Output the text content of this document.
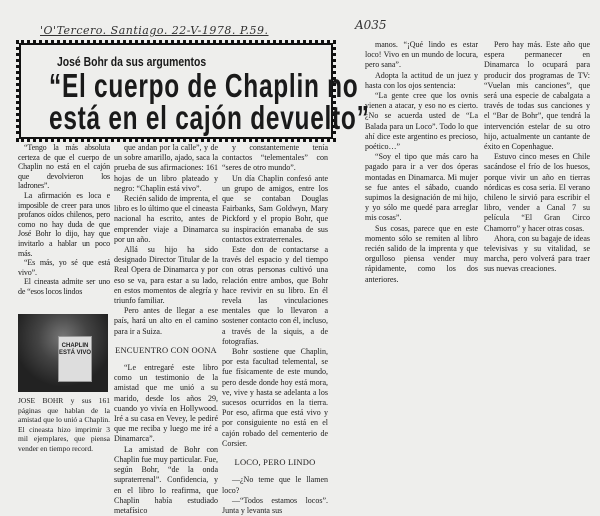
'O'Tercero. Santiago. 22-V-1978. P.59.	A035
José Bohr da sus argumentos
“El cuerpo de Chaplin no
está en el cajón devuelto”

“Tengo la más absoluta certeza de que el cuerpo de Chaplin no está en el cajón que devolvieron los ladrones”.

La afirmación es loca e imposible de creer para unos profanos oídos chilenos, pero como no hay duda de que José Bohr lo dijo, hay que invitarlo a hablar un poco más.

“Es más, yo sé que está vivo”.

El cineasta admite ser uno de “esos locos lindos

CHAPLIN ESTÁ VIVO
JOSE BOHR y sus 161 páginas que hablan de la amistad que lo unió a Chaplin. El cineasta hizo imprimir 3 mil ejemplares, que piensa vender en tiempo record.

que andan por la calle”, y de un sobre amarillo, ajado, saca la prueba de sus afirmaciones: 161 hojas de un libro plateado y negro: “Chaplin está vivo”.

Recién salido de imprenta, el libro es lo último que el cineasta nacional ha escrito, antes de emprender viaje a Dinamarca por un año.

Allá su hijo ha sido designado Director Titular de la Real Opera de Dinamarca y por eso se va, para estar a su lado, en estos momentos de alegría y triunfo familiar.

Pero antes de llegar a ese país, hará un alto en el camino para ir a Suiza.

ENCUENTRO CON OONA

“Le entregaré este libro como un testimonio de la amistad que me unió a su marido, desde los años 29, cuando yo vivía en Hollywood. Iré a su casa en Vevey, le pediré que me reciba y luego me iré a Dinamarca”.

La amistad de Bohr con Chaplin fue muy particular. Fue, según Bohr, “de la onda supraterrenal”. Confidencia, y en el libro lo reafirma, que Chaplin había estudiado metafísico

y constantemente tenía contactos “telementales” con “seres de otro mundo”.

Un día Chaplin confesó ante un grupo de amigos, entre los que se contaban Douglas Fairbanks, Sam Goldwyn, Mary Pickford y el propio Bohr, que su inspiración emanaba de sus contactos extraterrenales.

Este don de contactarse a través del espacio y del tiempo con otras personas cultivó una relación entre ambos, que Bohr hace revivir en su libro. En él revela las vinculaciones mentales que lo llevaron a sostener contacto con él, incluso, a través de la siquis, a de fotografías.

Bohr sostiene que Chaplin, por esta facultad telemental, se fue físicamente de este mundo, pero desde donde hoy está mora, ve, vive y hasta se adelanta a los sucesos ocurridos en la tierra. Por eso, afirma que está vivo y por consiguiente no está en el cajón robado del cementerio de Corsier.

LOCO, PERO LINDO

—¿No teme que le llamen loco?

—“Todos estamos locos”. Junta y levanta sus

manos. “¡Qué lindo es estar loco! Vivo en un mundo de locura, pero sana”.

Adopta la actitud de un juez y hasta con los ojos sentencia:

“La gente cree que los ovnis vienen a atacar, y eso no es cierto. ¿No se acuerda usted de “La Balada para un Loco”. Todo lo que ahí dice este argentino es precioso, poético…”

“Soy el tipo que más caro ha pagado para ir a ver dos óperas montadas en Dinamarca. Mi mujer se fue antes el sábado, cuando supimos la designación de mi hijo, y yo sólo me quedé para arreglar mis cosas”.

Sus cosas, parece que en este momento sólo se remiten al libro recién salido de la imprenta y que orgulloso piensa vender muy rápidamente, como los dos anteriores.

Pero hay más. Este año que espera permanecer en Dinamarca lo ocupará para producir dos programas de TV: “Vuelan mis canciones”, que será una especie de cabalgata a través de todas sus canciones y el “Bar de Bohr”, que tendrá la intervención estelar de su otro hijo, actualmente un cantante de éxito en Copenhague.

Estuvo cinco meses en Chile sacándose el frío de los huesos, porque vivir un año en tierras nórdicas es cosa seria. El verano chileno le sirvió para escribir el libro, vender a Canal 7 su película “El Gran Circo Chamorro” y hacer otras cosas.

Ahora, con su bagaje de ideas televisivas y su vitalidad, se marcha, pero volverá para traer sus nuevas creaciones.
